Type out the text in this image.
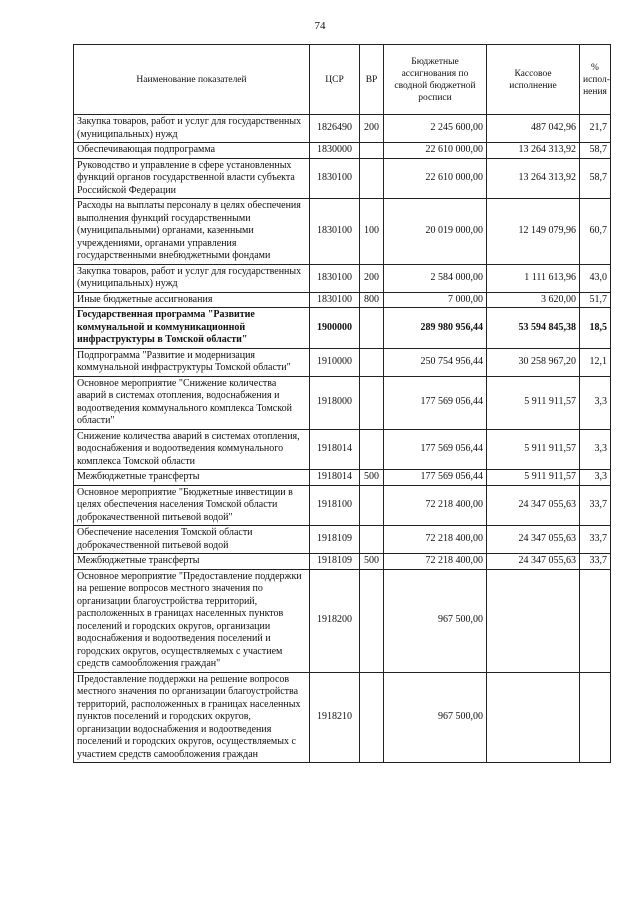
74
Наименование показателей	ЦСР	ВР	Бюджетные ассигнования по сводной бюджетной росписи	Кассовое исполнение	% испол-нения
Закупка товаров, работ и услуг для государственных (муниципальных) нужд	1826490	200	2 245 600,00	487 042,96	21,7
Обеспечивающая подпрограмма	1830000		22 610 000,00	13 264 313,92	58,7
Руководство и управление в сфере установленных функций органов государственной власти субъекта Российской Федерации	1830100		22 610 000,00	13 264 313,92	58,7
Расходы на выплаты персоналу в целях обеспечения выполнения функций государственными (муниципальными) органами, казенными учреждениями, органами управления государственными внебюджетными фондами	1830100	100	20 019 000,00	12 149 079,96	60,7
Закупка товаров, работ и услуг для государственных (муниципальных) нужд	1830100	200	2 584 000,00	1 111 613,96	43,0
Иные бюджетные ассигнования	1830100	800	7 000,00	3 620,00	51,7
Государственная программа "Развитие коммунальной и коммуникационной инфраструктуры в Томской области"	1900000		289 980 956,44	53 594 845,38	18,5
Подпрограмма "Развитие и модернизация коммунальной инфраструктуры Томской области"	1910000		250 754 956,44	30 258 967,20	12,1
Основное мероприятие "Снижение количества аварий в системах отопления, водоснабжения и водоотведения коммунального комплекса Томской области"	1918000		177 569 056,44	5 911 911,57	3,3
Снижение количества аварий в системах отопления, водоснабжения и водоотведения коммунального комплекса Томской области	1918014		177 569 056,44	5 911 911,57	3,3
Межбюджетные трансферты	1918014	500	177 569 056,44	5 911 911,57	3,3
Основное мероприятие "Бюджетные инвестиции в целях обеспечения населения Томской области доброкачественной питьевой водой"	1918100		72 218 400,00	24 347 055,63	33,7
Обеспечение населения Томской области доброкачественной питьевой водой	1918109		72 218 400,00	24 347 055,63	33,7
Межбюджетные трансферты	1918109	500	72 218 400,00	24 347 055,63	33,7
Основное мероприятие "Предоставление поддержки на решение вопросов местного значения по организации благоустройства территорий, расположенных в границах населенных пунктов поселений и городских округов, организации водоснабжения и водоотведения поселений и городских округов, осуществляемых с участием средств самообложения граждан"	1918200		967 500,00		
Предоставление поддержки на решение вопросов местного значения по организации благоустройства территорий, расположенных в границах населенных пунктов поселений и городских округов, организации водоснабжения и водоотведения поселений и городских округов, осуществляемых с участием средств самообложения граждан	1918210		967 500,00		
